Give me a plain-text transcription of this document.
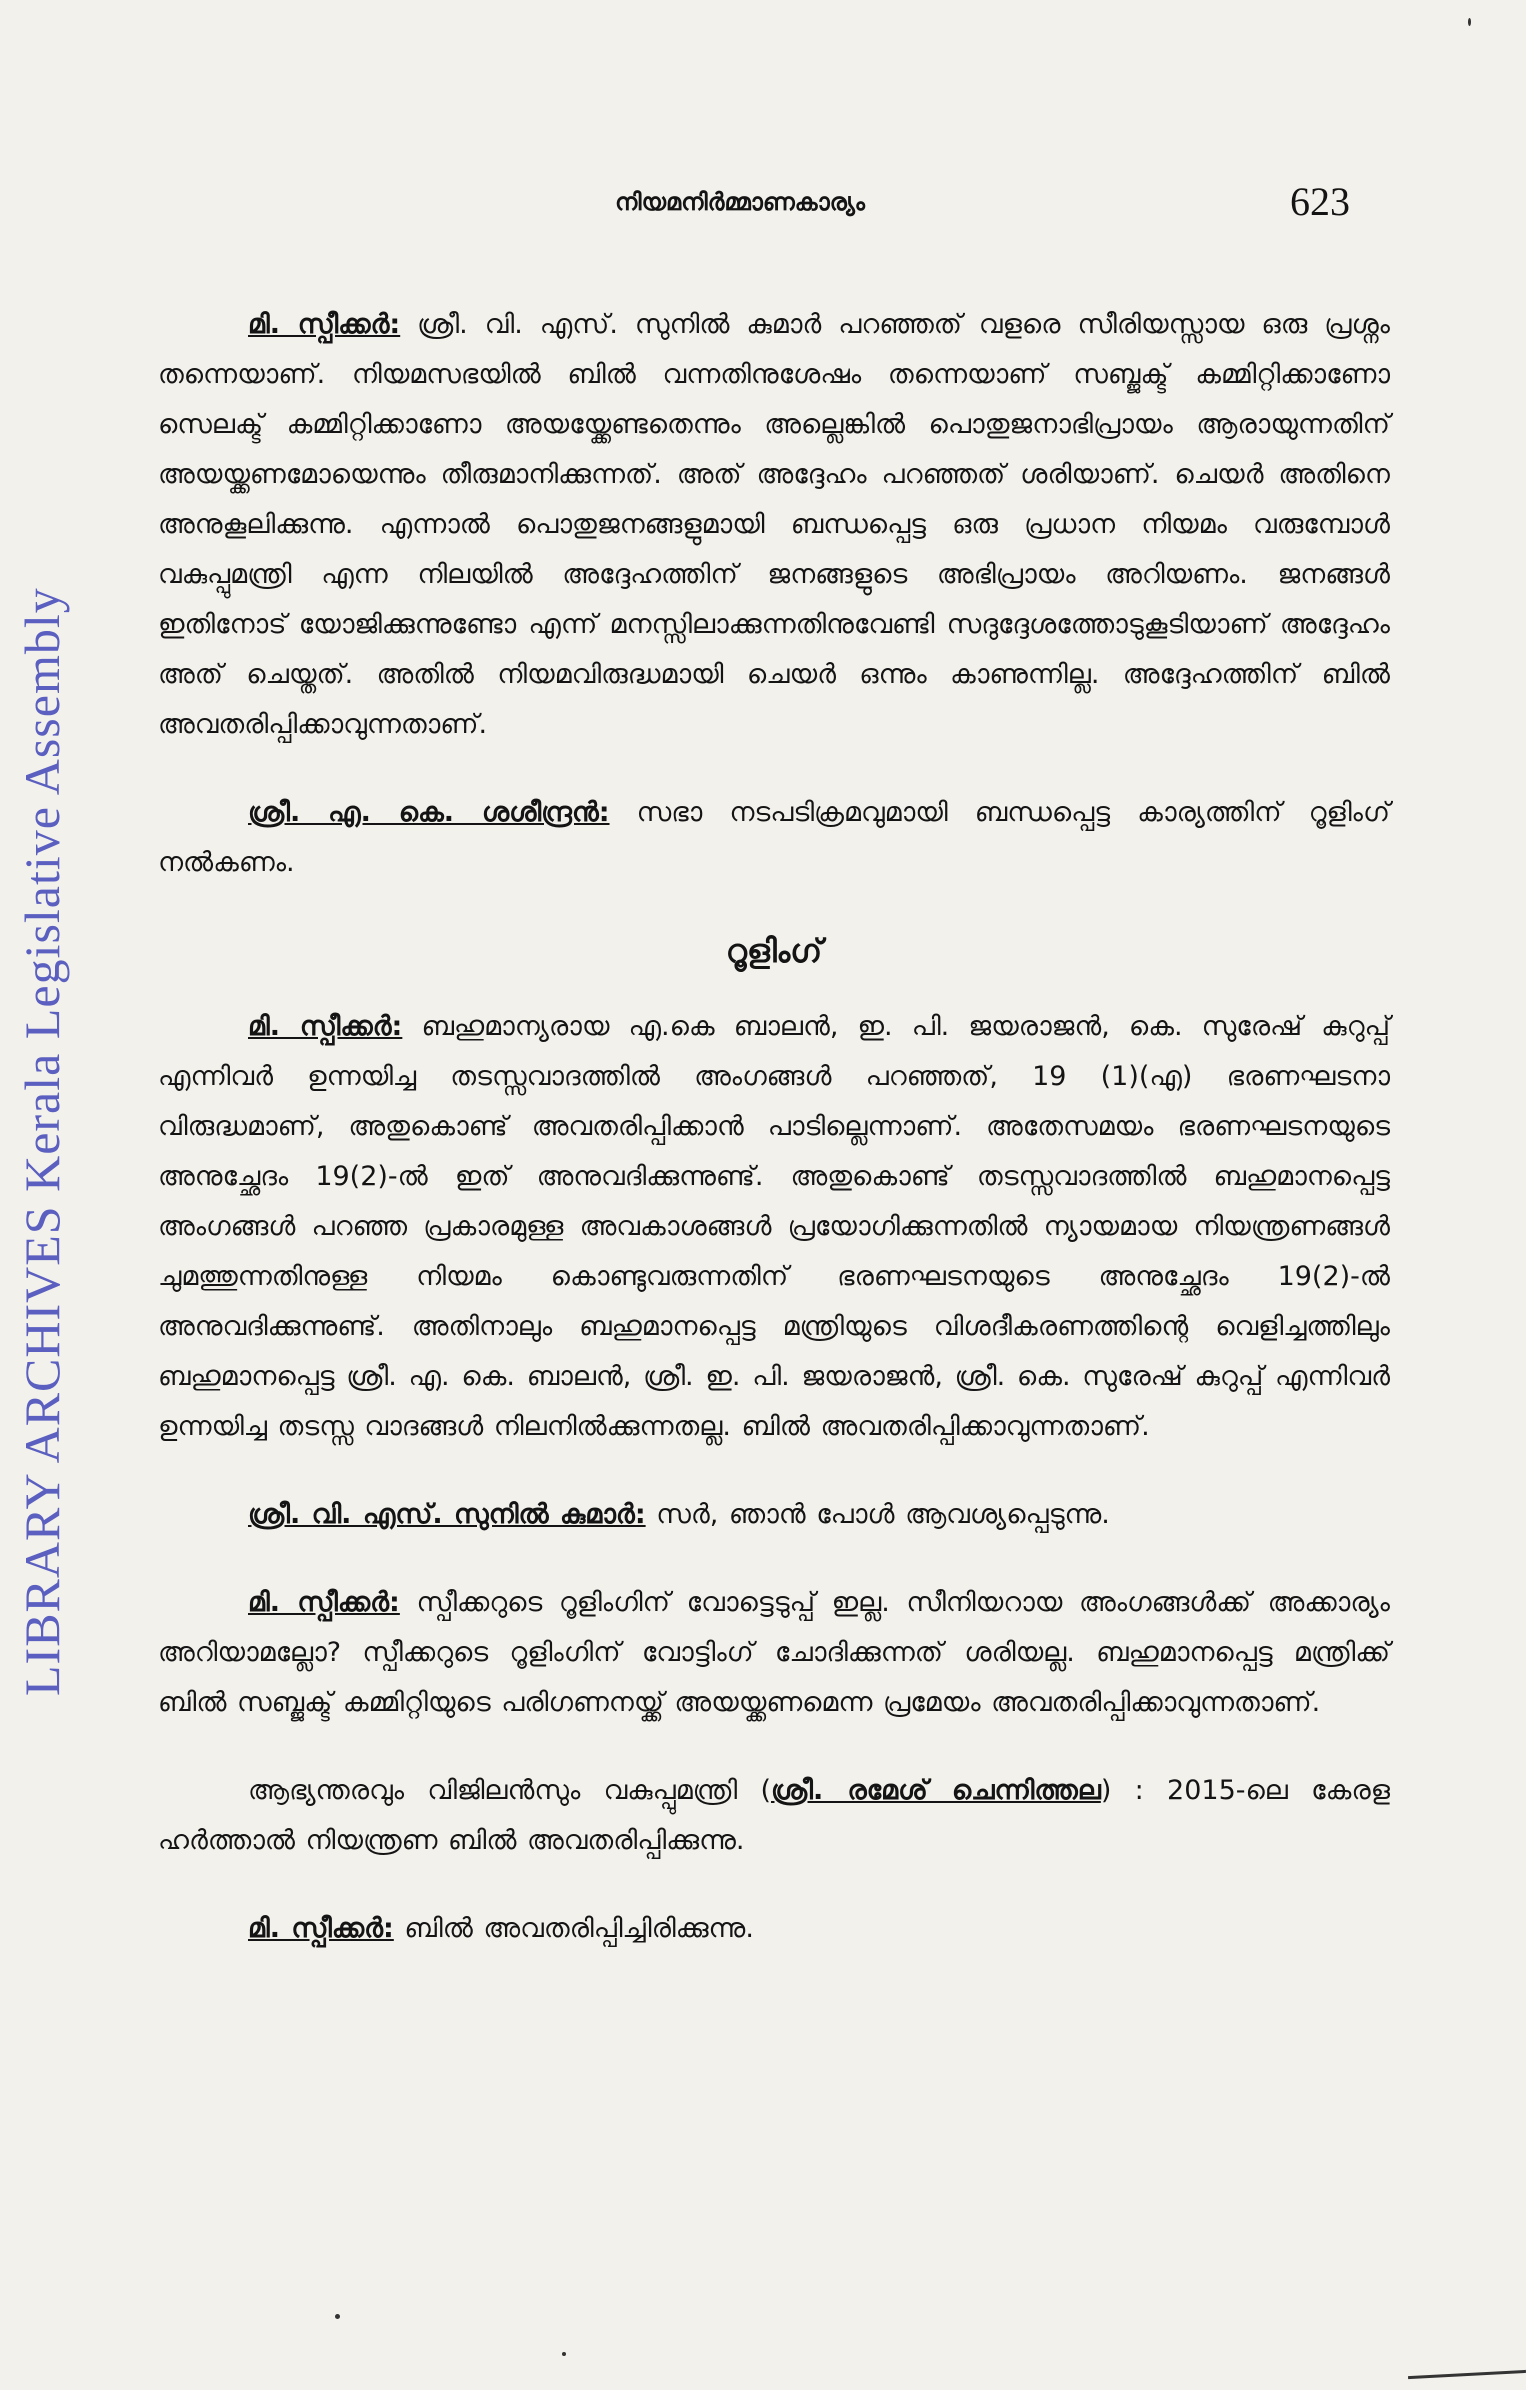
LIBRARY ARCHIVES Kerala Legislative Assembly
നിയമനിർമ്മാണകാര്യം	623

മി. സ്പീക്കർ: ശ്രീ. വി. എസ്. സുനിൽ കുമാർ പറഞ്ഞത് വളരെ സീരിയസ്സായ ഒരു പ്രശ്നം തന്നെയാണ്. നിയമസഭയിൽ ബിൽ വന്നതിനുശേഷം തന്നെയാണ് സബ്ജക്ട് കമ്മിറ്റിക്കാണോ സെലക്ട് കമ്മിറ്റിക്കാണോ അയയ്ക്കേണ്ടതെന്നും അല്ലെങ്കിൽ പൊതുജനാഭിപ്രായം ആരായുന്നതിന് അയയ്ക്കണമോയെന്നും തീരുമാനിക്കുന്നത്. അത് അദ്ദേഹം പറഞ്ഞത് ശരിയാണ്. ചെയർ അതിനെ അനുകൂലിക്കുന്നു. എന്നാൽ പൊതുജനങ്ങളുമായി ബന്ധപ്പെട്ട ഒരു പ്രധാന നിയമം വരുമ്പോൾ വകുപ്പുമന്ത്രി എന്ന നിലയിൽ അദ്ദേഹത്തിന് ജനങ്ങളുടെ അഭിപ്രായം അറിയണം. ജനങ്ങൾ ഇതിനോട് യോജിക്കുന്നുണ്ടോ എന്ന് മനസ്സിലാക്കുന്നതിനുവേണ്ടി സദുദ്ദേശത്തോടുകൂടിയാണ് അദ്ദേഹം അത് ചെയ്തത്. അതിൽ നിയമവിരുദ്ധമായി ചെയർ ഒന്നും കാണുന്നില്ല. അദ്ദേഹത്തിന് ബിൽ അവതരിപ്പിക്കാവുന്നതാണ്.

ശ്രീ. എ. കെ. ശശീന്ദ്രൻ: സഭാ നടപടിക്രമവുമായി ബന്ധപ്പെട്ട കാര്യത്തിന് റൂളിംഗ് നൽകണം.

റൂളിംഗ്

മി. സ്പീക്കർ: ബഹുമാന്യരായ എ.കെ ബാലൻ, ഇ. പി. ജയരാജൻ, കെ. സുരേഷ് കുറുപ്പ് എന്നിവർ ഉന്നയിച്ച തടസ്സവാദത്തിൽ അംഗങ്ങൾ പറഞ്ഞത്, 19 (1)(എ) ഭരണഘടനാ വിരുദ്ധമാണ്, അതുകൊണ്ട് അവതരിപ്പിക്കാൻ പാടില്ലെന്നാണ്. അതേസമയം ഭരണഘടനയുടെ അനുച്ഛേദം 19(2)-ൽ ഇത് അനുവദിക്കുന്നുണ്ട്. അതുകൊണ്ട് തടസ്സവാദത്തിൽ ബഹുമാനപ്പെട്ട അംഗങ്ങൾ പറഞ്ഞ പ്രകാരമുള്ള അവകാശങ്ങൾ പ്രയോഗിക്കുന്നതിൽ ന്യായമായ നിയന്ത്രണങ്ങൾ ചുമത്തുന്നതിനുള്ള നിയമം കൊണ്ടുവരുന്നതിന് ഭരണഘടനയുടെ അനുച്ഛേദം 19(2)-ൽ അനുവദിക്കുന്നുണ്ട്. അതിനാലും ബഹുമാനപ്പെട്ട മന്ത്രിയുടെ വിശദീകരണത്തിന്റെ വെളിച്ചത്തിലും ബഹുമാനപ്പെട്ട ശ്രീ. എ. കെ. ബാലൻ, ശ്രീ. ഇ. പി. ജയരാജൻ, ശ്രീ. കെ. സുരേഷ് കുറുപ്പ് എന്നിവർ ഉന്നയിച്ച തടസ്സ വാദങ്ങൾ നിലനിൽക്കുന്നതല്ല. ബിൽ അവതരിപ്പിക്കാവുന്നതാണ്.

ശ്രീ. വി. എസ്. സുനിൽ കുമാർ: സർ, ഞാൻ പോൾ ആവശ്യപ്പെടുന്നു.

മി. സ്പീക്കർ: സ്പീക്കറുടെ റൂളിംഗിന് വോട്ടെടുപ്പ് ഇല്ല. സീനിയറായ അംഗങ്ങൾക്ക് അക്കാര്യം അറിയാമല്ലോ? സ്പീക്കറുടെ റൂളിംഗിന് വോട്ടിംഗ് ചോദിക്കുന്നത് ശരിയല്ല. ബഹുമാനപ്പെട്ട മന്ത്രിക്ക് ബിൽ സബ്ജക്ട് കമ്മിറ്റിയുടെ പരിഗണനയ്ക്ക് അയയ്ക്കണമെന്ന പ്രമേയം അവതരിപ്പിക്കാവുന്നതാണ്.

ആഭ്യന്തരവും വിജിലൻസും വകുപ്പുമന്ത്രി (ശ്രീ. രമേശ് ചെന്നിത്തല) : 2015-ലെ കേരള ഹർത്താൽ നിയന്ത്രണ ബിൽ അവതരിപ്പിക്കുന്നു.

മി. സ്പീക്കർ: ബിൽ അവതരിപ്പിച്ചിരിക്കുന്നു.
